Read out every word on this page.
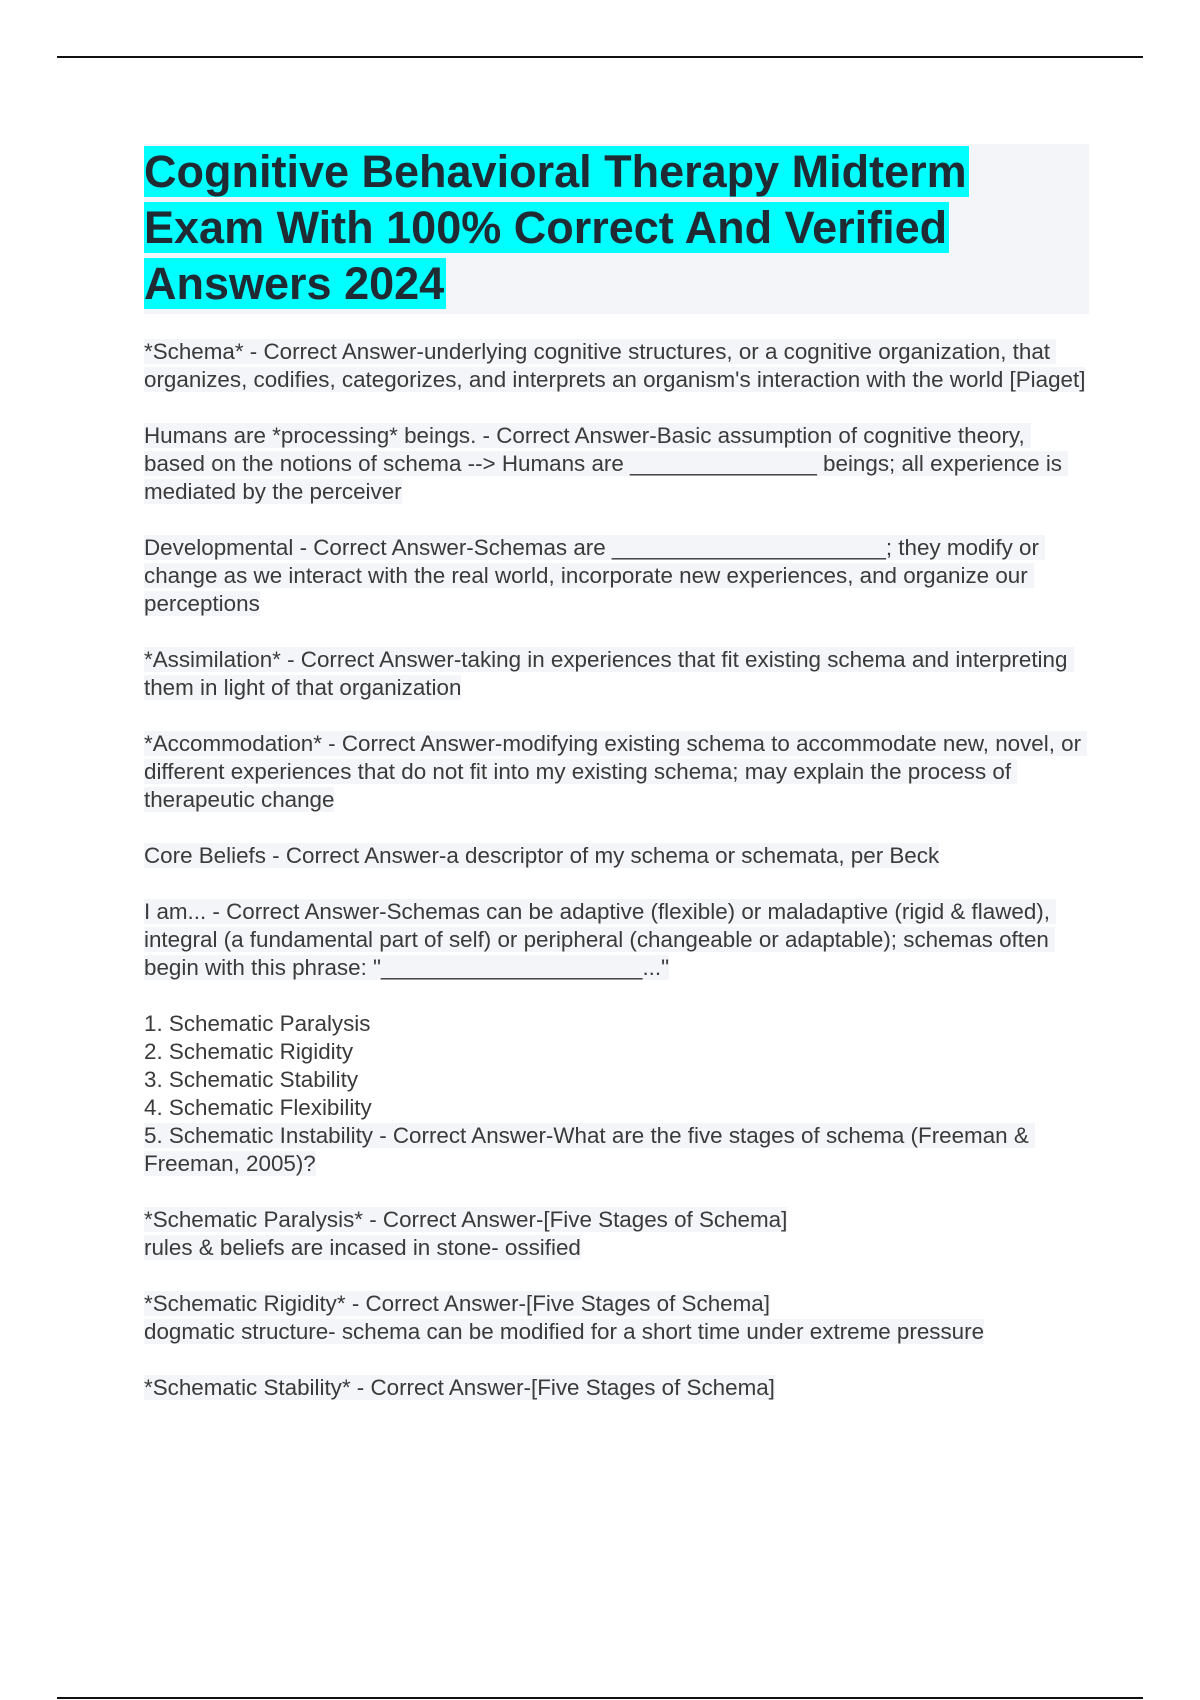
Cognitive Behavioral Therapy Midterm Exam With 100% Correct And Verified Answers 2024

*Schema* - Correct Answer-underlying cognitive structures, or a cognitive organization, that organizes, codifies, categorizes, and interprets an organism's interaction with the world [Piaget]

Humans are *processing* beings. - Correct Answer-Basic assumption of cognitive theory, based on the notions of schema --> Humans are _______________ beings; all experience is mediated by the perceiver

Developmental - Correct Answer-Schemas are ______________________; they modify or change as we interact with the real world, incorporate new experiences, and organize our perceptions

*Assimilation* - Correct Answer-taking in experiences that fit existing schema and interpreting them in light of that organization

*Accommodation* - Correct Answer-modifying existing schema to accommodate new, novel, or different experiences that do not fit into my existing schema; may explain the process of therapeutic change

Core Beliefs - Correct Answer-a descriptor of my schema or schemata, per Beck

I am... - Correct Answer-Schemas can be adaptive (flexible) or maladaptive (rigid & flawed), integral (a fundamental part of self) or peripheral (changeable or adaptable); schemas often begin with this phrase: "_____________________..."

1. Schematic Paralysis
2. Schematic Rigidity
3. Schematic Stability
4. Schematic Flexibility
5. Schematic Instability - Correct Answer-What are the five stages of schema (Freeman & Freeman, 2005)?

*Schematic Paralysis* - Correct Answer-[Five Stages of Schema]
rules & beliefs are incased in stone- ossified

*Schematic Rigidity* - Correct Answer-[Five Stages of Schema]
dogmatic structure- schema can be modified for a short time under extreme pressure

*Schematic Stability* - Correct Answer-[Five Stages of Schema]
